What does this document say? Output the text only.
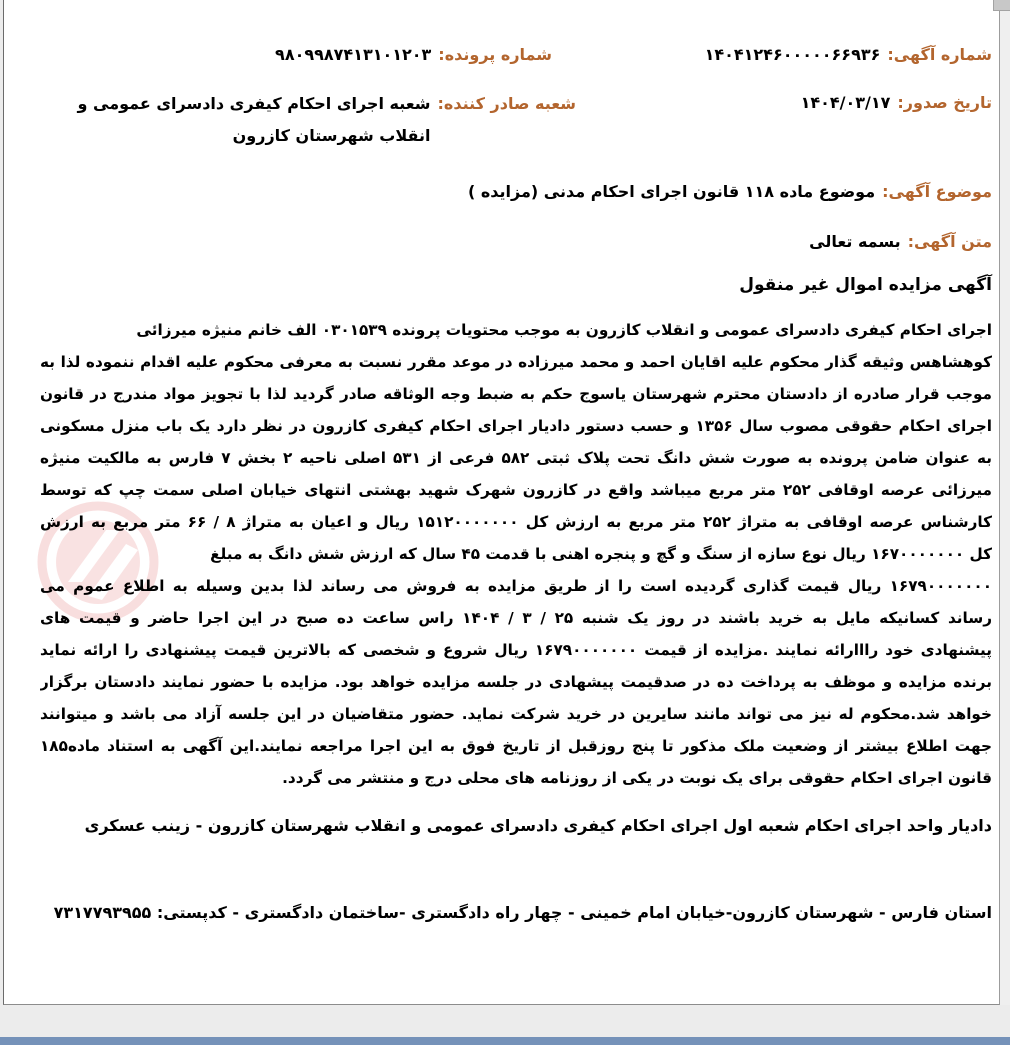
شماره آگهی:۱۴۰۴۱۲۴۶۰۰۰۰۰۶۶۹۳۶
شماره پرونده:۹۸۰۹۹۸۷۴۱۳۱۰۱۲۰۳
تاریخ صدور:۱۴۰۴/۰۳/۱۷
شعبه صادر کننده:
شعبه اجرای احکام کیفری دادسرای عمومی و انقلاب شهرستان کازرون
موضوع آگهی:موضوع ماده ۱۱۸ قانون اجرای احکام مدنی (مزایده )
متن آگهی:بسمه تعالی
آگهی مزایده اموال غیر منقول
اجرای احکام کیفری دادسرای عمومی و انقلاب کازرون به موجب محتویات پرونده ۰۳۰۱۵۳۹ الف خانم منیژه میرزائی
کوهشاهس وثیقه گذار محکوم علیه اقایان احمد و محمد میرزاده در موعد مقرر نسبت به معرفی محکوم علیه اقدام ننموده لذا به
موجب قرار صادره از دادستان محترم شهرستان یاسوج حکم به ضبط وجه الوثاقه صادر گردید لذا با تجویز مواد مندرج در قانون
اجرای احکام حقوقی مصوب سال ۱۳۵۶ و حسب دستور دادیار اجرای احکام کیفری کازرون در نظر دارد یک باب منزل مسکونی
به عنوان ضامن پرونده به صورت شش دانگ تحت پلاک ثبتی ۵۸۲ فرعی از ۵۳۱ اصلی ناحیه ۲ بخش ۷ فارس به مالکیت منیژه
میرزائی عرصه اوقافی ۲۵۲ متر مربع میباشد واقع در کازرون شهرک شهید بهشتی انتهای خیابان اصلی سمت چپ که توسط
کارشناس عرصه اوقافی به متراژ ۲۵۲ متر مربع به ارزش کل ۱۵۱۲۰۰۰۰۰۰۰ ریال و اعیان به متراژ ۸ / ۶۶ متر مربع به ارزش
کل ۱۶۷۰۰۰۰۰۰۰ ریال نوع سازه از سنگ و گچ و پنجره اهنی با قدمت ۴۵ سال که ارزش شش دانگ به مبلغ
۱۶۷۹۰۰۰۰۰۰۰ ریال قیمت گذاری گردیده است را از طریق مزایده به فروش می رساند لذا بدین وسیله به اطلاع عموم می
رساند کسانیکه مایل به خرید باشند در روز یک شنبه ۲۵ / ۳ / ۱۴۰۴ راس ساعت ده صبح در این اجرا حاضر و قیمت های
پیشنهادی خود رااارائه نمایند .مزایده از قیمت ۱۶۷۹۰۰۰۰۰۰۰ ریال شروع و شخصی که بالاترین قیمت پیشنهادی را ارائه نماید
برنده مزایده و موظف به پرداخت ده در صدقیمت پیشهادی در جلسه مزایده خواهد بود. مزایده با حضور نمایند دادستان برگزار
خواهد شد.محکوم له نیز می تواند مانند سایرین در خرید شرکت نماید. حضور متقاضیان در این جلسه آزاد می باشد و میتوانند
جهت اطلاع بیشتر از وضعیت ملک مذکور تا پنج روزقبل از تاریخ فوق به این اجرا مراجعه نمایند.این آگهی به استناد ماده۱۸۵
قانون اجرای احکام حقوقی برای یک نوبت در یکی از روزنامه های محلی درج و منتشر می گردد.
دادیار واحد اجرای احکام شعبه اول اجرای احکام کیفری دادسرای عمومی و انقلاب شهرستان کازرون - زینب عسکری
استان فارس - شهرستان کازرون-خیابان امام خمینی - چهار راه دادگستری -ساختمان دادگستری - کدپستی: ۷۳۱۷۷۹۳۹۵۵
